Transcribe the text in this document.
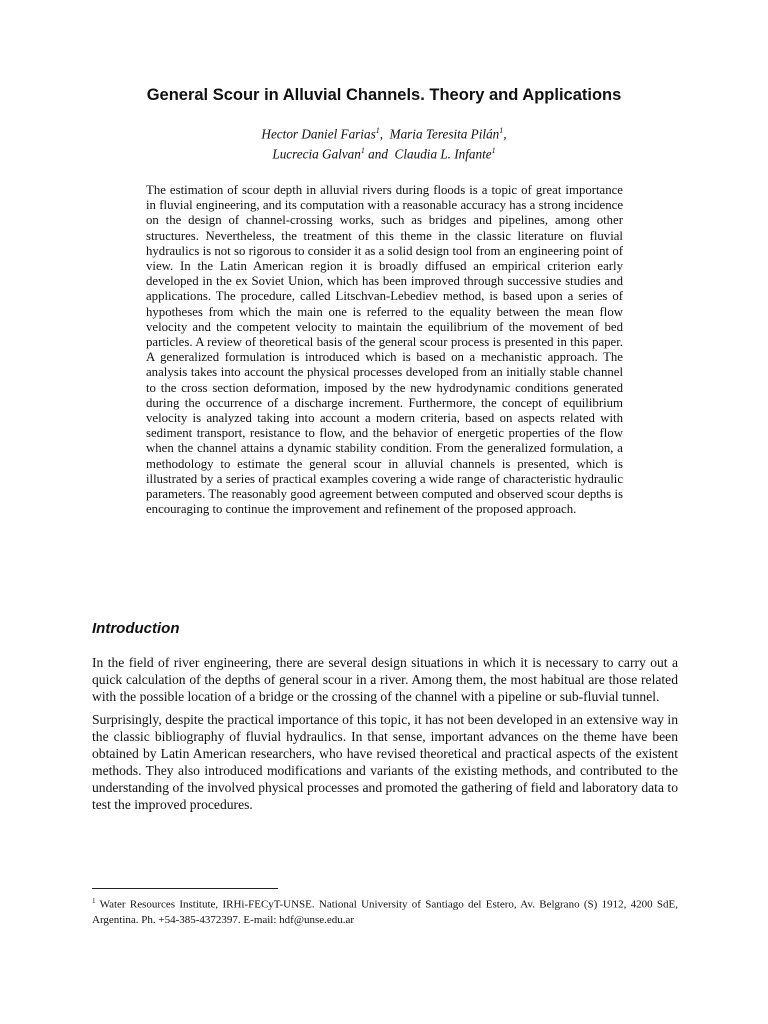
General Scour in Alluvial Channels. Theory and Applications
Hector Daniel Farias$^1$,  Maria Teresita Pilán$^1$,
Lucrecia Galvan$^1$ and  Claudia L. Infante$^1$

The estimation of scour depth in alluvial rivers during floods is a topic of great importance in fluvial engineering, and its computation with a reasonable accuracy has a strong incidence on the design of channel-crossing works, such as bridges and pipelines, among other structures. Nevertheless, the treatment of this theme in the classic literature on fluvial hydraulics is not so rigorous to consider it as a solid design tool from an engineering point of view. In the Latin American region it is broadly diffused an empirical criterion early developed in the ex Soviet Union, which has been improved through successive studies and applications. The procedure, called Litschvan-Lebediev method, is based upon a series of hypotheses from which the main one is referred to the equality between the mean flow velocity and the competent velocity to maintain the equilibrium of the movement of bed particles. A review of theoretical basis of the general scour process is presented in this paper. A generalized formulation is introduced which is based on a mechanistic approach. The analysis takes into account the physical processes developed from an initially stable channel to the cross section deformation, imposed by the new hydrodynamic conditions generated during the occurrence of a discharge increment. Furthermore, the concept of equilibrium velocity is analyzed taking into account a modern criteria, based on aspects related with sediment transport, resistance to flow, and the behavior of energetic properties of the flow when the channel attains a dynamic stability condition. From the generalized formulation, a methodology to estimate the general scour in alluvial channels is presented, which is illustrated by a series of practical examples covering a wide range of characteristic hydraulic parameters. The reasonably good agreement between computed and observed scour depths is encouraging to continue the improvement and refinement of the proposed approach.

Introduction

In the field of river engineering, there are several design situations in which it is necessary to carry out a quick calculation of the depths of general scour in a river. Among them, the most habitual are those related with the possible location of a bridge or the crossing of the channel with a pipeline or sub-fluvial tunnel.

Surprisingly, despite the practical importance of this topic, it has not been developed in an extensive way in the classic bibliography of fluvial hydraulics. In that sense, important advances on the theme have been obtained by Latin American researchers, who have revised theoretical and practical aspects of the existent methods. They also introduced modifications and variants of the existing methods, and contributed to the understanding of the involved physical processes and promoted the gathering of field and laboratory data to test the improved procedures.

$^1$ Water Resources Institute, IRHi-FECyT-UNSE. National University of Santiago del Estero, Av. Belgrano (S) 1912, 4200 SdE, Argentina. Ph. +54-385-4372397. E-mail: hdf@unse.edu.ar
